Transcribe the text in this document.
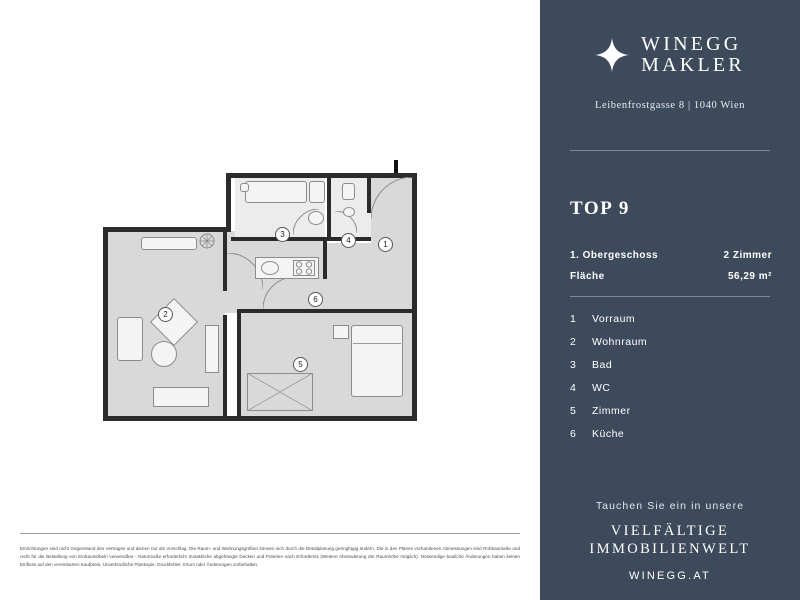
1
2
3
4
5
6
Einrichtungen sind nicht Gegenstand des Vertrages und dienen nur als Vorschlag. Die Raum- und Wohnungsgrößen können sich durch die Detailplanung geringfügig ändern. Die in den Plänen vorhandenen Abmessungen sind Rohbaumaße und nicht für die Bestellung von Einbaumöbeln verwendbar - Naturmaße erforderlich! Zusätzliche abgehängte Decken und Poterien nach Erfordernis (Weitere Abminderung der Raumhöhe möglich). Notwendige bauliche Änderungen haben keinen Einfluss auf den vereinbarten Kaufpreis. Unverbindliche Plankopie, Druckfehler, Irrtum oder Änderungen vorbehalten.
WINEGG
MAKLER
Leibenfrostgasse 8 | 1040 Wien
TOP 9
1. Obergeschoss	2 Zimmer
Fläche	56,29 m²
1	Vorraum
2	Wohnraum
3	Bad
4	WC
5	Zimmer
6	Küche
Tauchen Sie ein in unsere
VIELFÄLTIGE
IMMOBILIENWELT
WINEGG.AT
